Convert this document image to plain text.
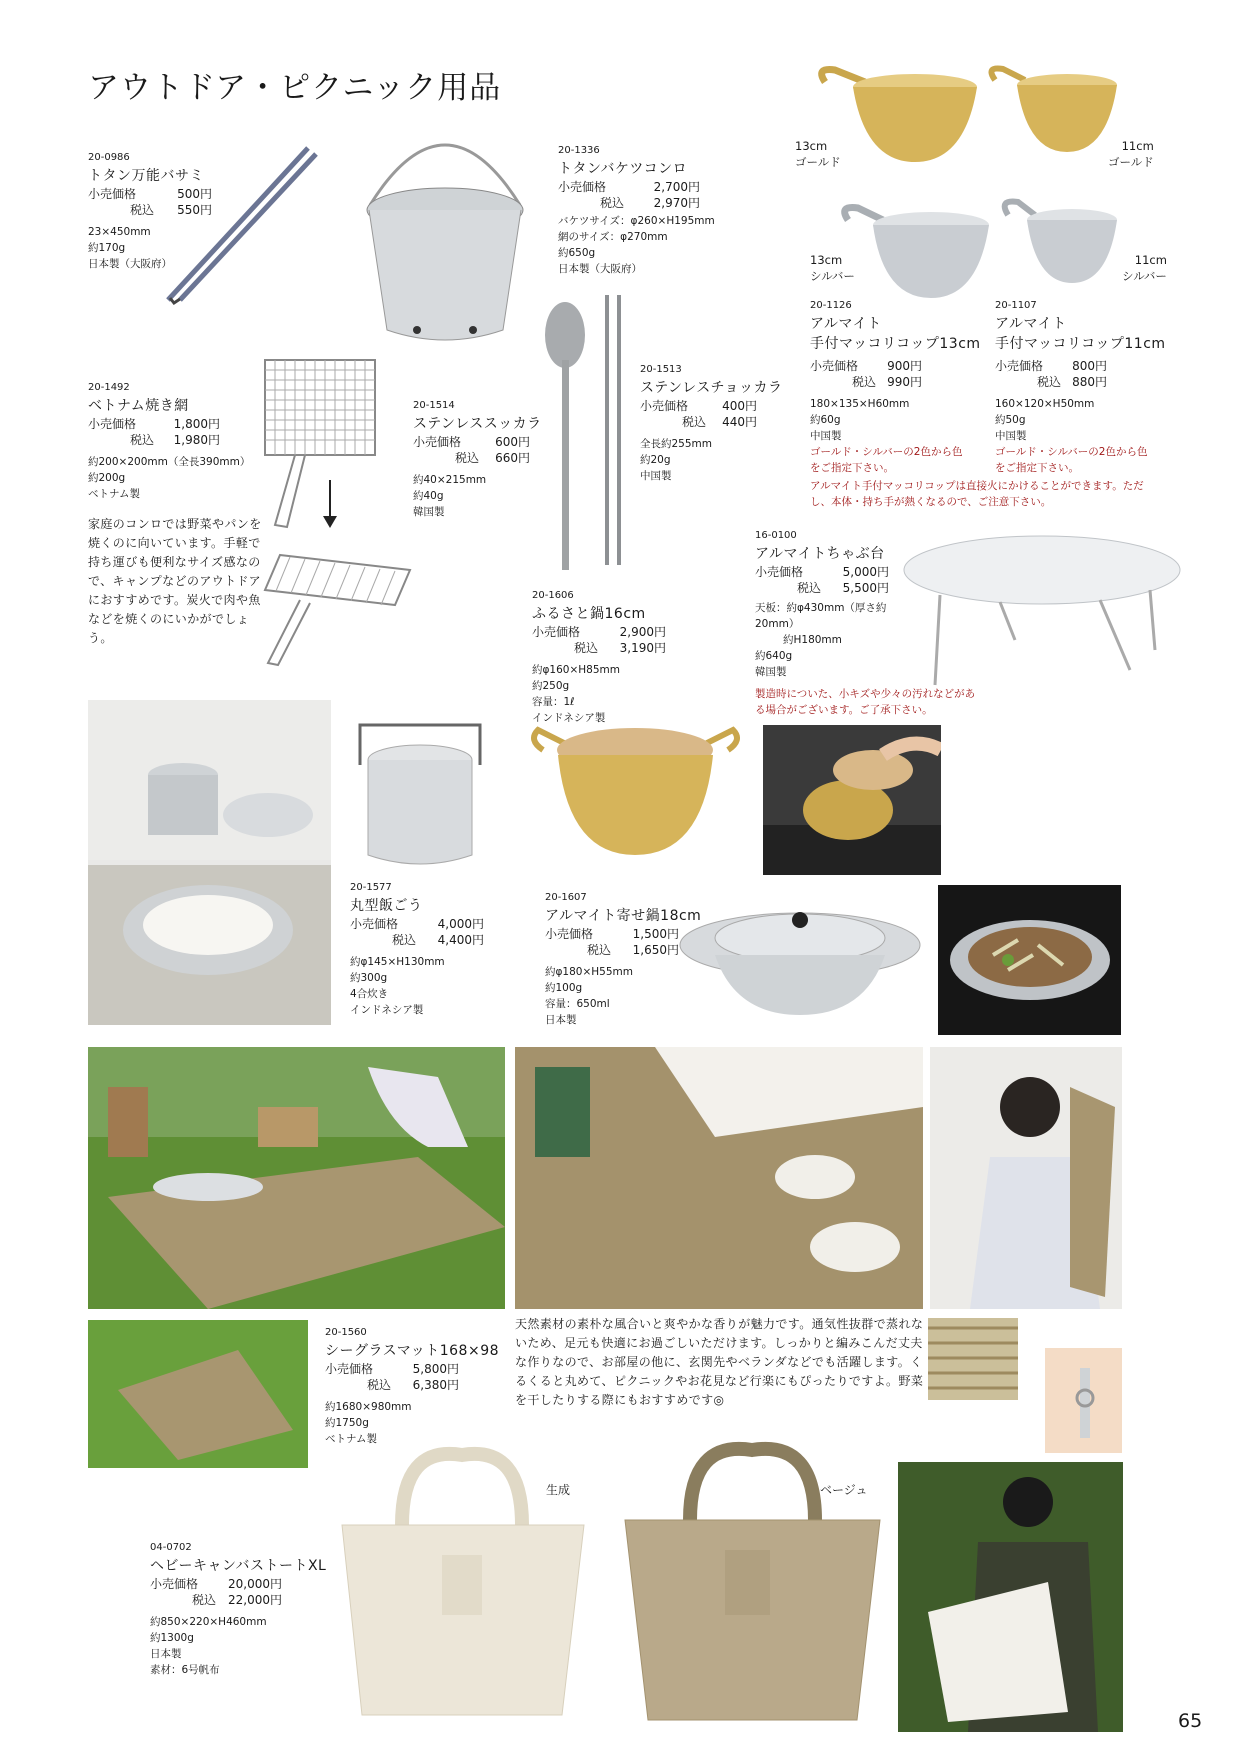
アウトドア・ピクニック用品
20-0986
トタン万能バサミ
小売価格	500円
税込	550円
23×450mm
約170g
日本製（大阪府）
20-1336
トタンバケツコンロ
小売価格	2,700円
税込	2,970円
バケツサイズ：φ260×H195mm
網のサイズ：φ270mm
約650g
日本製（大阪府）
20-1492
ベトナム焼き網
小売価格	1,800円
税込	1,980円
約200×200mm（全長390mm）
約200g
ベトナム製
家庭のコンロでは野菜やパンを焼くのに向いています。手軽で持ち運びも便利なサイズ感なので、キャンプなどのアウトドアにおすすめです。炭火で肉や魚などを焼くのにいかがでしょう。
20-1514
ステンレススッカラ
小売価格	600円
税込	660円
約40×215mm
約40g
韓国製
20-1513
ステンレスチョッカラ
小売価格	400円
税込	440円
全長約255mm
約20g
中国製
13cm
ゴールド
11cm
ゴールド
13cm
シルバー
11cm
シルバー
20-1126
アルマイト
手付マッコリコップ13cm
小売価格	900円
税込 990円
180×135×H60mm
約60g
中国製
ゴールド・シルバーの2色から色をご指定下さい。
20-1107
アルマイト
手付マッコリコップ11cm
小売価格	800円
税込 880円
160×120×H50mm
約50g
中国製
ゴールド・シルバーの2色から色をご指定下さい。
アルマイト手付マッコリコップは直接火にかけることができます。ただし、本体・持ち手が熱くなるので、ご注意下さい。
16-0100
アルマイトちゃぶ台
小売価格	5,000円
税込	5,500円
天板：約φ430mm（厚さ約20mm）
約H180mm
約640g
韓国製
製造時についた、小キズや少々の汚れなどがある場合がございます。ご了承下さい。
20-1606
ふるさと鍋16cm
小売価格	2,900円
税込	3,190円
約φ160×H85mm
約250g
容量：1ℓ
インドネシア製
20-1577
丸型飯ごう
小売価格	4,000円
税込	4,400円
約φ145×H130mm
約300g
4合炊き
インドネシア製
20-1607
アルマイト寄せ鍋18cm
小売価格	1,500円
税込	1,650円
約φ180×H55mm
約100g
容量：650ml
日本製
20-1560
シーグラスマット168×98
小売価格	5,800円
税込	6,380円
約1680×980mm
約1750g
ベトナム製
天然素材の素朴な風合いと爽やかな香りが魅力です。通気性抜群で蒸れないため、足元も快適にお過ごしいただけます。しっかりと編みこんだ丈夫な作りなので、お部屋の他に、玄関先やベランダなどでも活躍します。くるくると丸めて、ピクニックやお花見など行楽にもぴったりですよ。野菜を干したりする際にもおすすめです◎
生成	ベージュ
04-0702
ヘビーキャンバストートXL
小売価格	20,000円
税込	22,000円
約850×220×H460mm
約1300g
日本製
素材：6号帆布
65
